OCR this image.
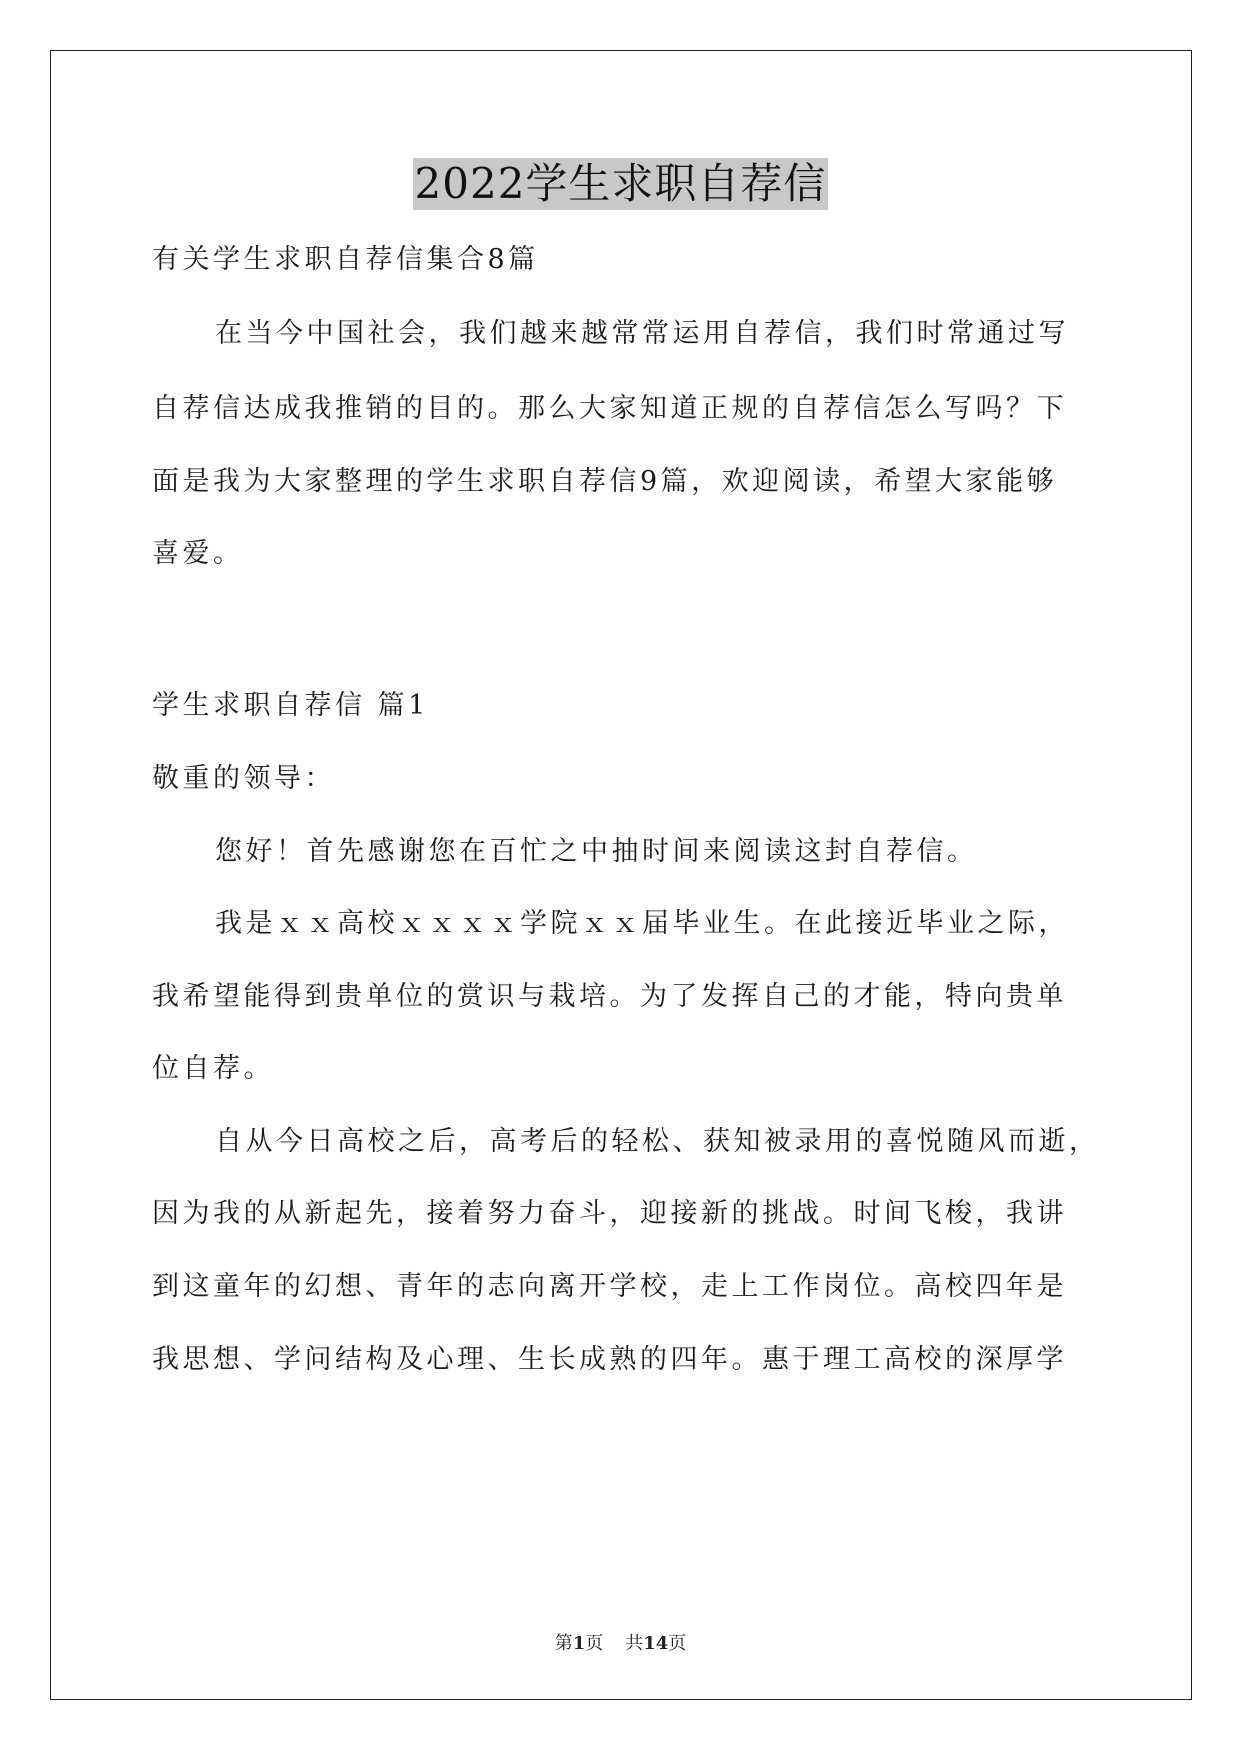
2022学生求职自荐信
有关学生求职自荐信集合8篇
在当今中国社会，我们越来越常常运用自荐信，我们时常通过写
自荐信达成我推销的目的。那么大家知道正规的自荐信怎么写吗？下
面是我为大家整理的学生求职自荐信9篇，欢迎阅读，希望大家能够
喜爱。
学生求职自荐信 篇1
敬重的领导：
您好！首先感谢您在百忙之中抽时间来阅读这封自荐信。
我是ｘｘ高校ｘｘｘｘ学院ｘｘ届毕业生。在此接近毕业之际，
我希望能得到贵单位的赏识与栽培。为了发挥自己的才能，特向贵单
位自荐。
自从今日高校之后，高考后的轻松、获知被录用的喜悦随风而逝，
因为我的从新起先，接着努力奋斗，迎接新的挑战。时间飞梭，我讲
到这童年的幻想、青年的志向离开学校，走上工作岗位。高校四年是
我思想、学问结构及心理、生长成熟的四年。惠于理工高校的深厚学
第1页 共14页
